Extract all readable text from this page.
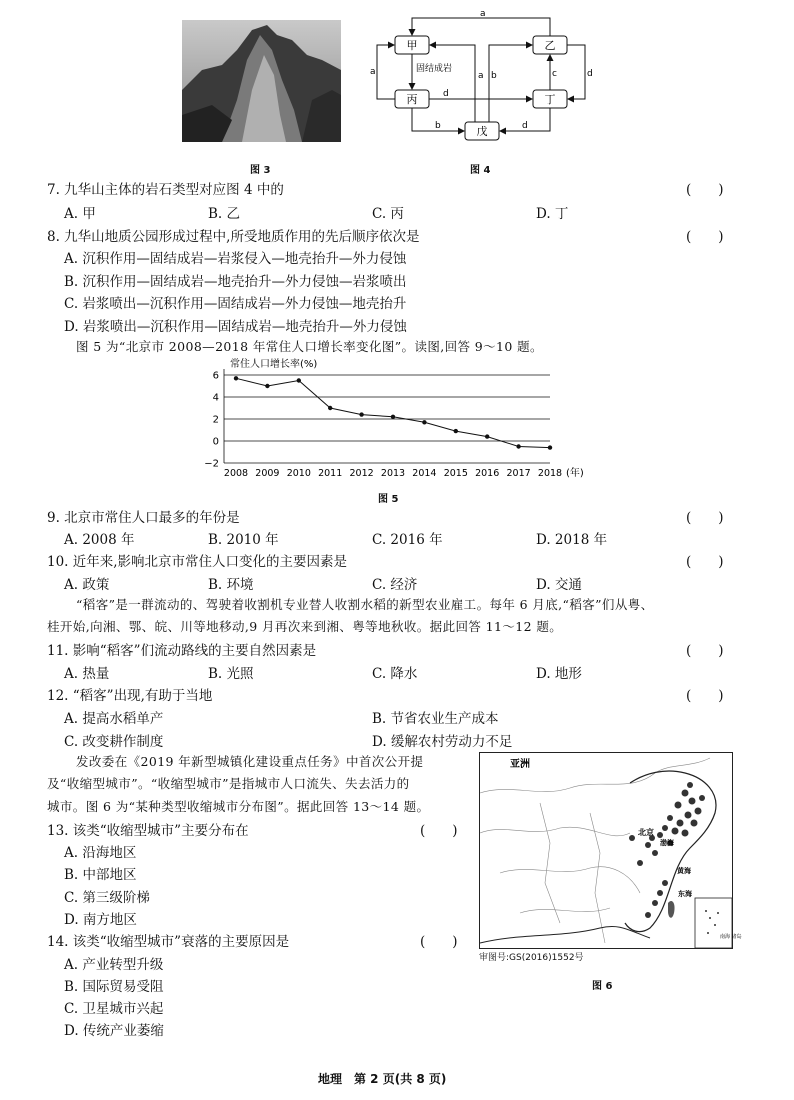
图 3
甲	乙
丙	丁
戊
固结成岩
a
a	a b	c	d
d
b	d
图 4
7. 九华山主体的岩石类型对应图 4 中的	(　　)
A. 甲	B. 乙	C. 丙	D. 丁
8. 九华山地质公园形成过程中,所受地质作用的先后顺序依次是	(　　)
A. 沉积作用—固结成岩—岩浆侵入—地壳抬升—外力侵蚀
B. 沉积作用—固结成岩—地壳抬升—外力侵蚀—岩浆喷出
C. 岩浆喷出—沉积作用—固结成岩—外力侵蚀—地壳抬升
D. 岩浆喷出—沉积作用—固结成岩—地壳抬升—外力侵蚀
图 5 为“北京市 2008—2018 年常住人口增长率变化图”。读图,回答 9～10 题。
常住人口增长率(%)
6
4
2
0
−2
2008 2009 2010 2011 2012 2013 2014 2015 2016 2017 2018 (年)
图 5
9. 北京市常住人口最多的年份是	(　　)
A. 2008 年	B. 2010 年	C. 2016 年	D. 2018 年
10. 近年来,影响北京市常住人口变化的主要因素是	(　　)
A. 政策	B. 环境	C. 经济	D. 交通
“稻客”是一群流动的、驾驶着收割机专业替人收割水稻的新型农业雇工。每年 6 月底,“稻客”们从粤、
桂开始,向湘、鄂、皖、川等地移动,9 月再次来到湘、粤等地秋收。据此回答 11～12 题。
11. 影响“稻客”们流动路线的主要自然因素是	(　　)
A. 热量	B. 光照	C. 降水	D. 地形
12. “稻客”出现,有助于当地	(　　)
A. 提高水稻单产	B. 节省农业生产成本
C. 改变耕作制度	D. 缓解农村劳动力不足
发改委在《2019 年新型城镇化建设重点任务》中首次公开提
及“收缩型城市”。“收缩型城市”是指城市人口流失、失去活力的
城市。图 6 为“某种类型收缩城市分布图”。据此回答 13～14 题。
13. 该类“收缩型城市”主要分布在	(　　)
A. 沿海地区
B. 中部地区
C. 第三级阶梯
D. 南方地区
14. 该类“收缩型城市”衰落的主要原因是	(　　)
A. 产业转型升级
B. 国际贸易受阻
C. 卫星城市兴起
D. 传统产业萎缩
亚洲
北京
渤海
黄海
东海
南海 诸岛
审图号:GS(2016)1552号
图 6
地理　第 2 页(共 8 页)
